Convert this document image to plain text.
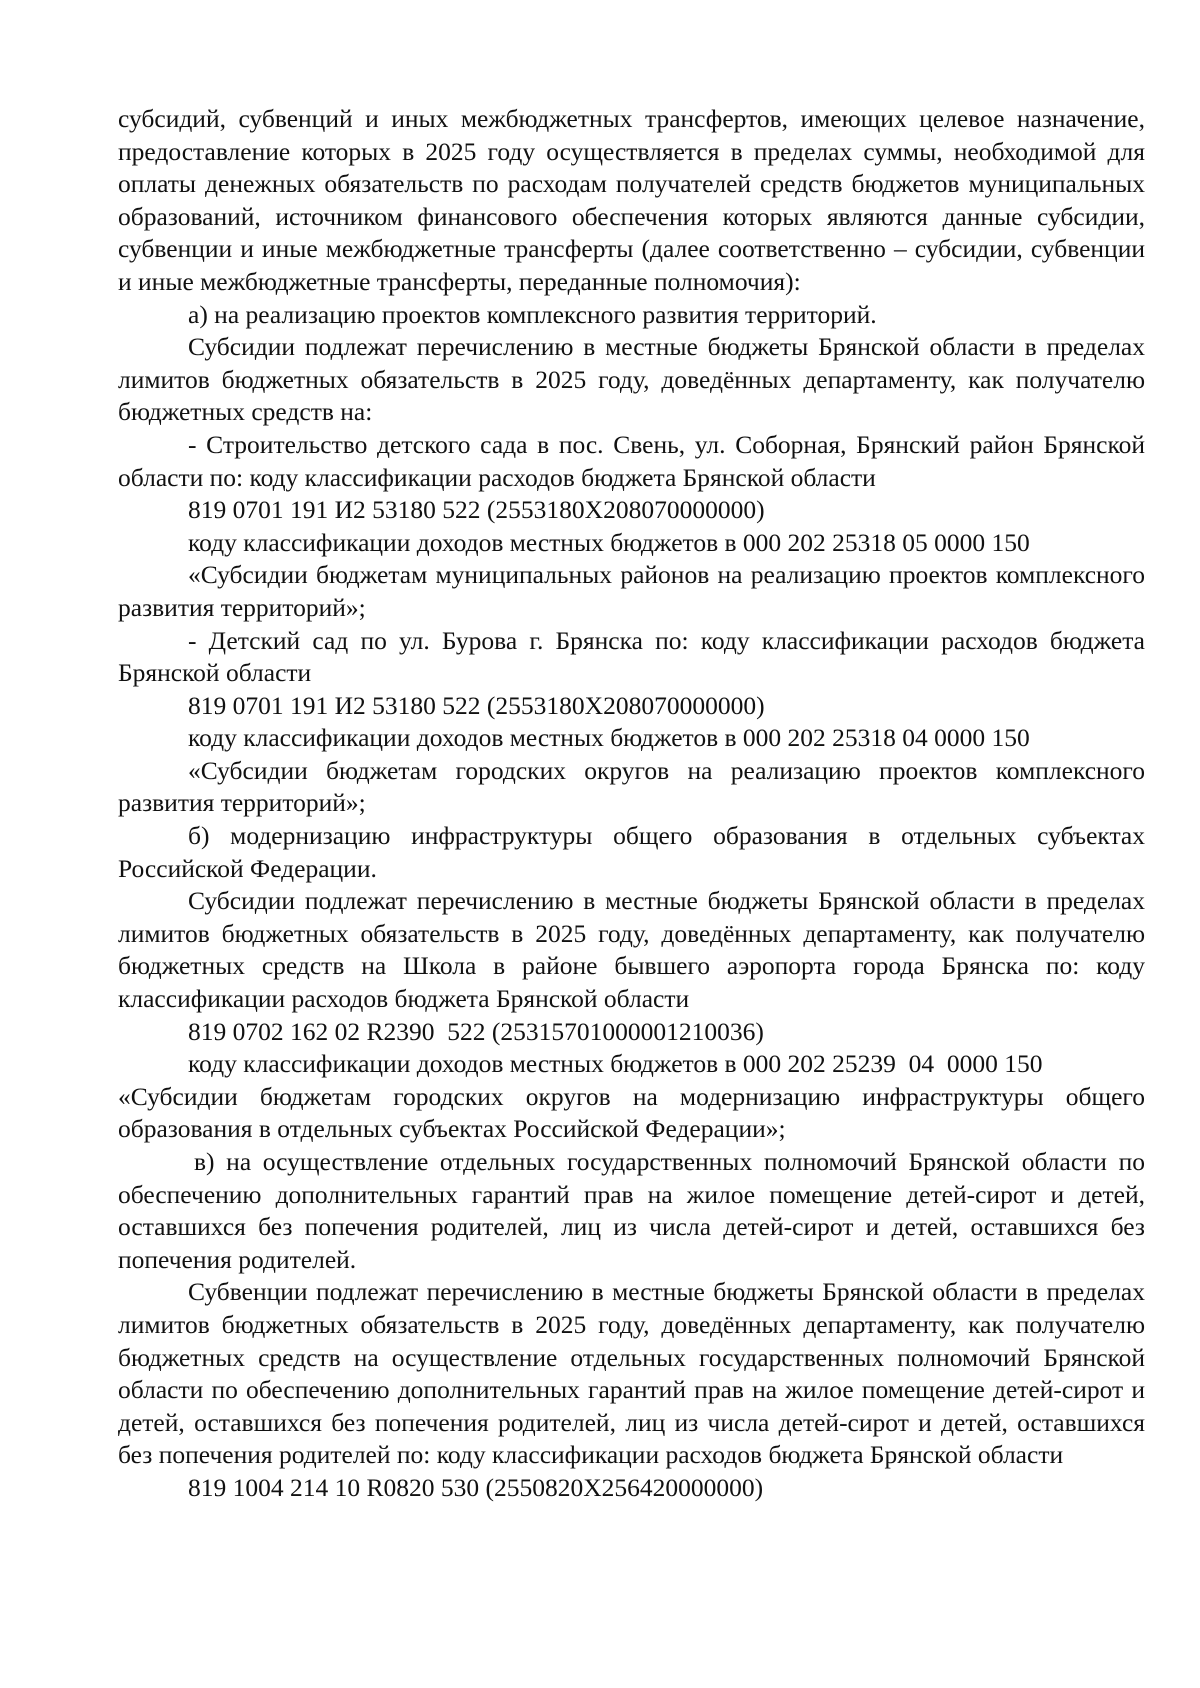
субсидий, субвенций и иных межбюджетных трансфертов, имеющих целевое назначение, предоставление которых в 2025 году осуществляется в пределах суммы, необходимой для оплаты денежных обязательств по расходам получателей средств бюджетов муниципальных образований, источником финансового обеспечения которых являются данные субсидии, субвенции и иные межбюджетные трансферты (далее соответственно – субсидии, субвенции и иные межбюджетные трансферты, переданные полномочия):

а) на реализацию проектов комплексного развития территорий.

Субсидии подлежат перечислению в местные бюджеты Брянской области в пределах лимитов бюджетных обязательств в 2025 году, доведённых департаменту, как получателю бюджетных средств на:

- Строительство детского сада в пос. Свень, ул. Соборная, Брянский район Брянской области по: коду классификации расходов бюджета Брянской области

819 0701 191 И2 53180 522 (2553180Х208070000000)

коду классификации доходов местных бюджетов в 000 202 25318 05 0000 150

«Субсидии бюджетам муниципальных районов на реализацию проектов комплексного развития территорий»;

- Детский сад по ул. Бурова г. Брянска по: коду классификации расходов бюджета Брянской области

819 0701 191 И2 53180 522 (2553180Х208070000000)

коду классификации доходов местных бюджетов в 000 202 25318 04 0000 150

«Субсидии бюджетам городских округов на реализацию проектов комплексного развития территорий»;

б) модернизацию инфраструктуры общего образования в отдельных субъектах Российской Федерации.

Субсидии подлежат перечислению в местные бюджеты Брянской области в пределах лимитов бюджетных обязательств в 2025 году, доведённых департаменту, как получателю бюджетных средств на Школа в районе бывшего аэропорта города Брянска по: коду классификации расходов бюджета Брянской области

819 0702 162 02 R2390  522 (25315701000001210036)

коду классификации доходов местных бюджетов в 000 202 25239  04  0000 150

«Субсидии бюджетам городских округов на модернизацию инфраструктуры общего образования в отдельных субъектах Российской Федерации»;

в) на осуществление отдельных государственных полномочий Брянской области по обеспечению дополнительных гарантий прав на жилое помещение детей-сирот и детей, оставшихся без попечения родителей, лиц из числа детей-сирот и детей, оставшихся без попечения родителей.

Субвенции подлежат перечислению в местные бюджеты Брянской области в пределах лимитов бюджетных обязательств в 2025 году, доведённых департаменту, как получателю бюджетных средств на осуществление отдельных государственных полномочий Брянской области по обеспечению дополнительных гарантий прав на жилое помещение детей-сирот и детей, оставшихся без попечения родителей, лиц из числа детей-сирот и детей, оставшихся без попечения родителей по: коду классификации расходов бюджета Брянской области

819 1004 214 10 R0820 530 (2550820Х256420000000)
